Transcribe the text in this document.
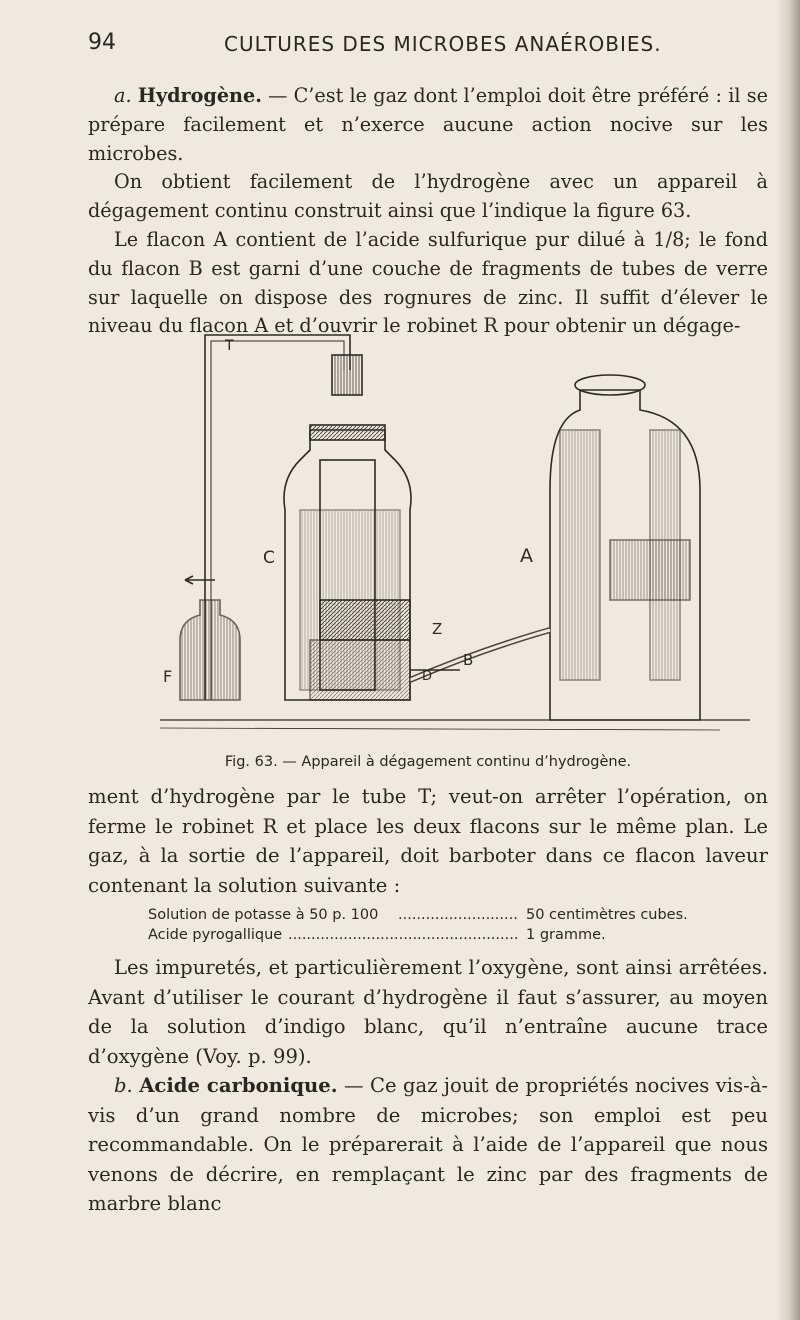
94	CULTURES DES MICROBES ANAÉROBIES.

a. Hydrogène. — C’est le gaz dont l’emploi doit être préféré : il se prépare facilement et n’exerce aucune action nocive sur les microbes.

On obtient facilement de l’hydrogène avec un appareil à dégagement continu construit ainsi que l’indique la figure 63.

Le flacon A contient de l’acide sulfurique pur dilué à 1/8; le fond du flacon B est garni d’une couche de fragments de tubes de verre sur laquelle on dispose des rognures de zinc. Il suffit d’élever le niveau du flacon A et d’ouvrir le robinet R pour obtenir un dégage-

T
C	A
Z
B
F	D
Fig. 63. — Appareil à dégagement continu d’hydrogène.

ment d’hydrogène par le tube T; veut-on arrêter l’opération, on ferme le robinet R et place les deux flacons sur le même plan. Le gaz, à la sortie de l’appareil, doit barboter dans ce flacon laveur contenant la solution suivante :

Solution de potasse à 50 p. 100 .......................... 50 centimètres cubes.
Acide pyrogallique .................................................. 1 gramme.

Les impuretés, et particulièrement l’oxygène, sont ainsi arrêtées. Avant d’utiliser le courant d’hydrogène il faut s’assurer, au moyen de la solution d’indigo blanc, qu’il n’entraîne aucune trace d’oxygène (Voy. p. 99).

b. Acide carbonique. — Ce gaz jouit de propriétés nocives vis-à-vis d’un grand nombre de microbes; son emploi est peu recommandable. On le préparerait à l’aide de l’appareil que nous venons de décrire, en remplaçant le zinc par des fragments de marbre blanc
